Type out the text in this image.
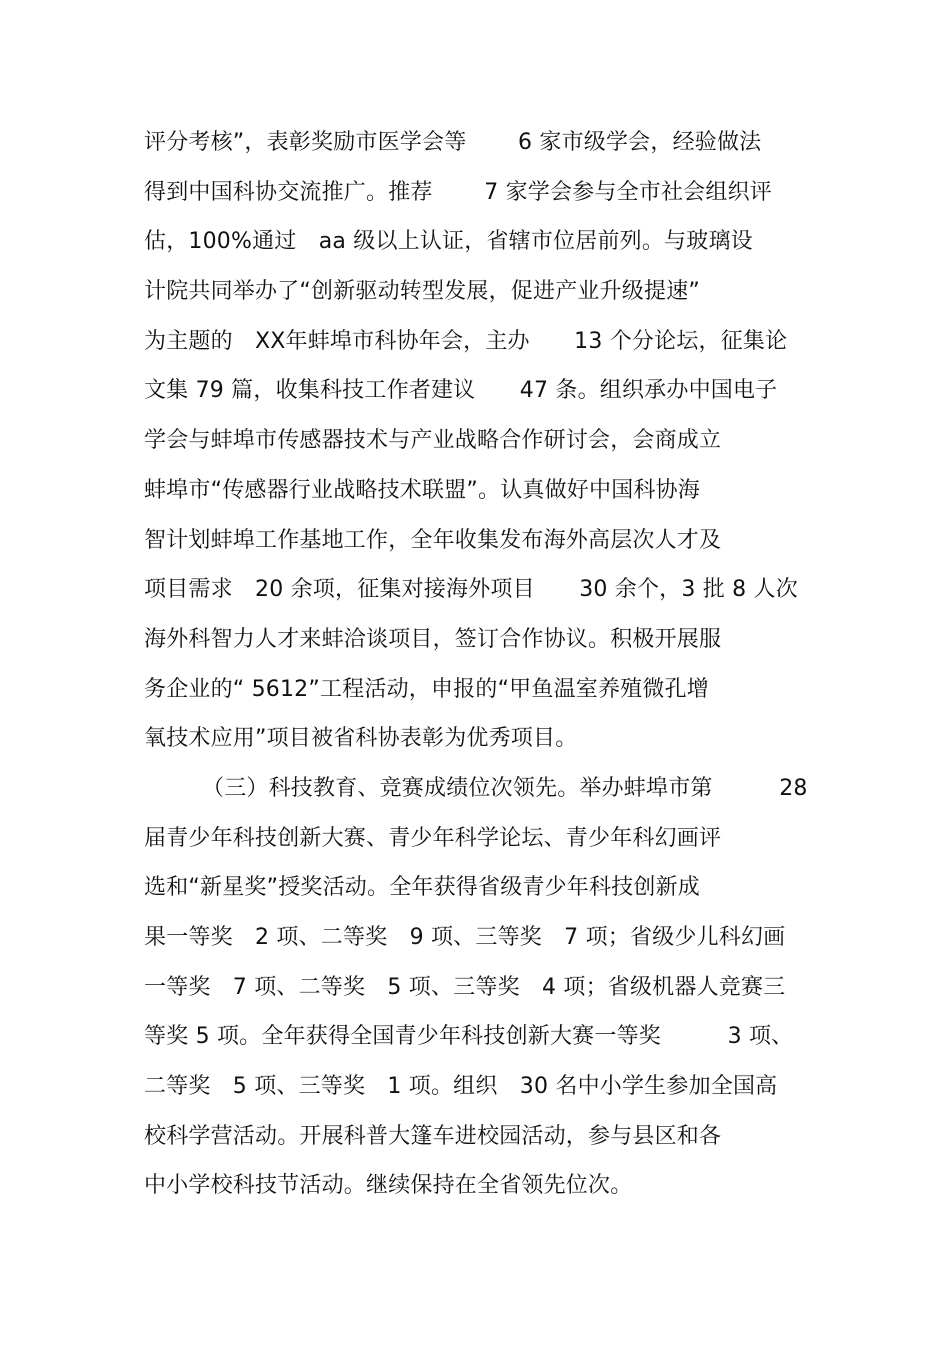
评分考核”，表彰奖励市医学会等　　 6 家市级学会，经验做法
得到中国科协交流推广。推荐　　 7 家学会参与全市社会组织评
估，100%通过　aa 级以上认证，省辖市位居前列。与玻璃设
计院共同举办了“创新驱动转型发展，促进产业升级提速”
为主题的　XX年蚌埠市科协年会，主办　　13 个分论坛，征集论
文集 79 篇，收集科技工作者建议　　47 条。组织承办中国电子
学会与蚌埠市传感器技术与产业战略合作研讨会，会商成立
蚌埠市“传感器行业战略技术联盟”。认真做好中国科协海
智计划蚌埠工作基地工作，全年收集发布海外高层次人才及
项目需求　20 余项，征集对接海外项目　　30 余个，3 批 8 人次
海外科智力人才来蚌洽谈项目，签订合作协议。积极开展服
务企业的“ 5612”工程活动，申报的“甲鱼温室养殖微孔增
氧技术应用”项目被省科协表彰为优秀项目。
（三）科技教育、竞赛成绩位次领先。举办蚌埠市第　　　28
届青少年科技创新大赛、青少年科学论坛、青少年科幻画评
选和“新星奖”授奖活动。全年获得省级青少年科技创新成
果一等奖　2 项、二等奖　9 项、三等奖　7 项；省级少儿科幻画
一等奖　7 项、二等奖　5 项、三等奖　4 项；省级机器人竞赛三
等奖 5 项。全年获得全国青少年科技创新大赛一等奖　　　3 项、
二等奖　5 项、三等奖　1 项。组织　30 名中小学生参加全国高
校科学营活动。开展科普大篷车进校园活动，参与县区和各
中小学校科技节活动。继续保持在全省领先位次。
